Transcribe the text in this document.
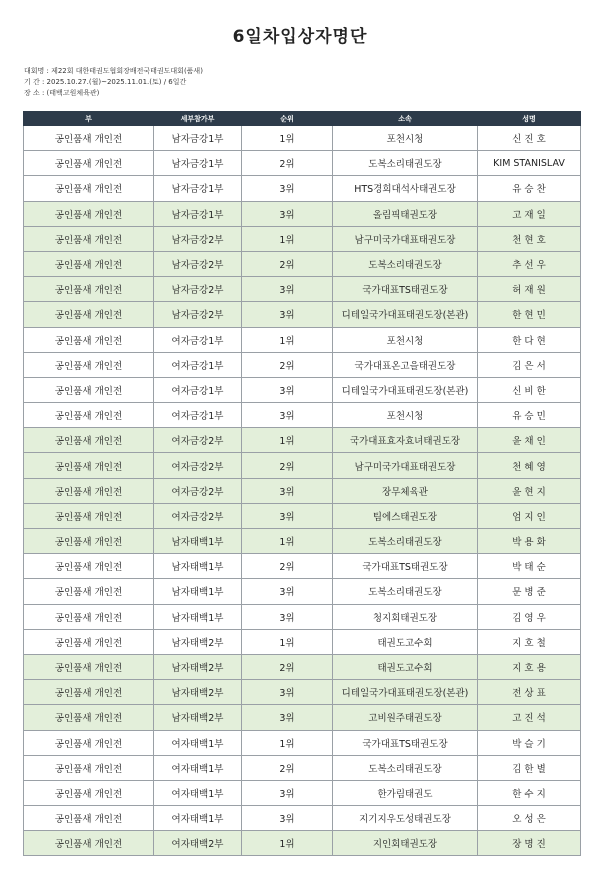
6일차입상자명단
대회명 : 제22회 대한태권도협회장배전국태권도대회(품새)
기 간 : 2025.10.27.(월)~2025.11.01.(토) / 6일간
장 소 : (태백고원체육관)
부	세부참가부	순위	소속	성명
공인품새 개인전	남자금강1부	1위	포천시청	신 진 호
공인품새 개인전	남자금강1부	2위	도복소리태권도장	KIM STANISLAV
공인품새 개인전	남자금강1부	3위	HTS경희대석사태권도장	유 승 찬
공인품새 개인전	남자금강1부	3위	올림픽태권도장	고 재 일
공인품새 개인전	남자금강2부	1위	남구미국가대표태권도장	천 현 호
공인품새 개인전	남자금강2부	2위	도복소리태권도장	추 선 우
공인품새 개인전	남자금강2부	3위	국가대표TS태권도장	허 재 원
공인품새 개인전	남자금강2부	3위	디테일국가대표태권도장(본관)	한 현 민
공인품새 개인전	여자금강1부	1위	포천시청	한 다 현
공인품새 개인전	여자금강1부	2위	국가대표온고을태권도장	김 은 서
공인품새 개인전	여자금강1부	3위	디테일국가대표태권도장(본관)	신 비 한
공인품새 개인전	여자금강1부	3위	포천시청	유 승 민
공인품새 개인전	여자금강2부	1위	국가대표효자효녀태권도장	윤 채 인
공인품새 개인전	여자금강2부	2위	남구미국가대표태권도장	천 혜 영
공인품새 개인전	여자금강2부	3위	장무체육관	윤 현 지
공인품새 개인전	여자금강2부	3위	팀에스태권도장	엄 지 인
공인품새 개인전	남자태백1부	1위	도복소리태권도장	박 용 화
공인품새 개인전	남자태백1부	2위	국가대표TS태권도장	박 태 순
공인품새 개인전	남자태백1부	3위	도복소리태권도장	문 병 준
공인품새 개인전	남자태백1부	3위	청지회태권도장	김 영 우
공인품새 개인전	남자태백2부	1위	태권도고수회	지 호 철
공인품새 개인전	남자태백2부	2위	태권도고수회	지 호 용
공인품새 개인전	남자태백2부	3위	디테일국가대표태권도장(본관)	전 상 표
공인품새 개인전	남자태백2부	3위	고비원주태권도장	고 진 석
공인품새 개인전	여자태백1부	1위	국가대표TS태권도장	박 슬 기
공인품새 개인전	여자태백1부	2위	도복소리태권도장	김 한 별
공인품새 개인전	여자태백1부	3위	한가림태권도	한 수 지
공인품새 개인전	여자태백1부	3위	지기지우도성태권도장	오 성 은
공인품새 개인전	여자태백2부	1위	지인회태권도장	장 명 진
